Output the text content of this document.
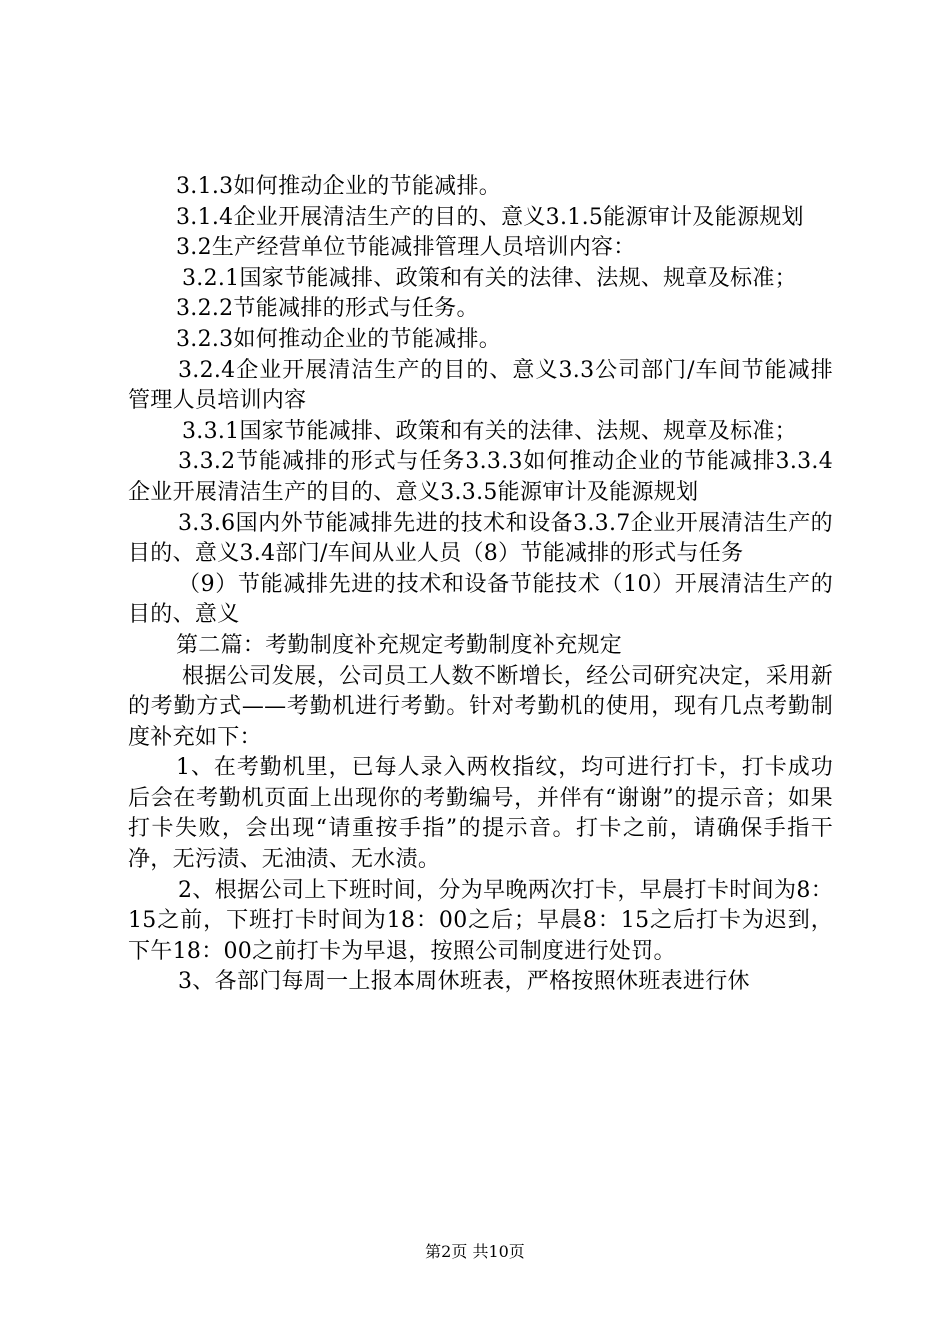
3.1.3如何推动企业的节能减排。

3.1.4企业开展清洁生产的目的、意义3.1.5能源审计及能源规划

3.2生产经营单位节能减排管理人员培训内容：

3.2.1国家节能减排、政策和有关的法律、法规、规章及标准；

3.2.2节能减排的形式与任务。

3.2.3如何推动企业的节能减排。

3.2.4企业开展清洁生产的目的、意义3.3公司部门/车间节能减排管理人员培训内容

3.3.1国家节能减排、政策和有关的法律、法规、规章及标准；

3.3.2节能减排的形式与任务3.3.3如何推动企业的节能减排3.3.4企业开展清洁生产的目的、意义3.3.5能源审计及能源规划

3.3.6国内外节能减排先进的技术和设备3.3.7企业开展清洁生产的目的、意义3.4部门/车间从业人员（8）节能减排的形式与任务

（9）节能减排先进的技术和设备节能技术（10）开展清洁生产的目的、意义

第二篇：考勤制度补充规定考勤制度补充规定

根据公司发展，公司员工人数不断增长，经公司研究决定，采用新的考勤方式——考勤机进行考勤。针对考勤机的使用，现有几点考勤制度补充如下：

1、在考勤机里，已每人录入两枚指纹，均可进行打卡，打卡成功后会在考勤机页面上出现你的考勤编号，并伴有“谢谢”的提示音；如果打卡失败，会出现“请重按手指”的提示音。打卡之前，请确保手指干净，无污渍、无油渍、无水渍。

2、根据公司上下班时间，分为早晚两次打卡，早晨打卡时间为8：15之前，下班打卡时间为18：00之后；早晨8：15之后打卡为迟到，下午18：00之前打卡为早退，按照公司制度进行处罚。

3、各部门每周一上报本周休班表，严格按照休班表进行休

第2页 共10页
